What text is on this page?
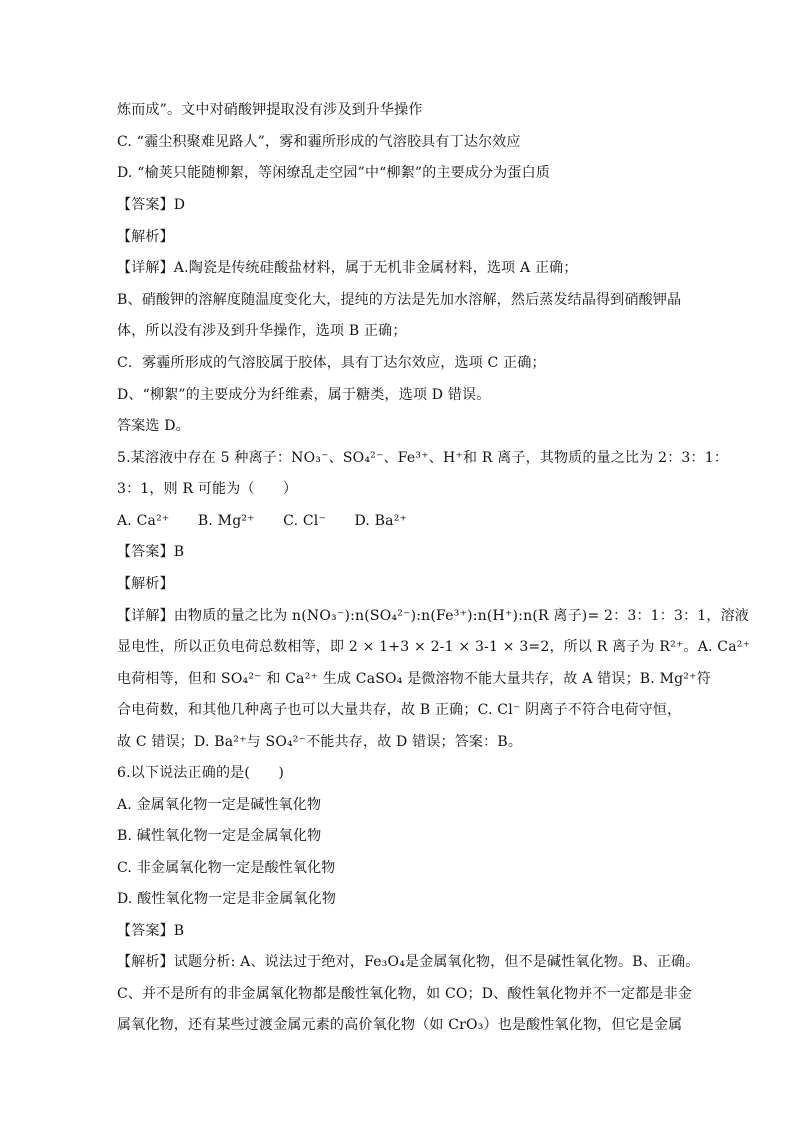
炼而成”。文中对硝酸钾提取没有涉及到升华操作
C. “霾尘积聚难见路人”，雾和霾所形成的气溶胶具有丁达尔效应
D. “榆荚只能随柳絮，等闲缭乱走空园”中“柳絮”的主要成分为蛋白质
【答案】D
【解析】
【详解】A.陶瓷是传统硅酸盐材料，属于无机非金属材料，选项 A 正确；
B、硝酸钾的溶解度随温度变化大，提纯的方法是先加水溶解，然后蒸发结晶得到硝酸钾晶
体，所以没有涉及到升华操作，选项 B 正确；
C．雾霾所形成的气溶胶属于胶体，具有丁达尔效应，选项 C 正确；
D、“柳絮”的主要成分为纤维素，属于糖类，选项 D 错误。
答案选 D。
5.某溶液中存在 5 种离子：NO₃⁻、SO₄²⁻、Fe³⁺、H⁺和 R 离子，其物质的量之比为 2：3：1：
3：1，则 R 可能为（　　）
A. Ca²⁺　　B. Mg²⁺　　C. Cl⁻　　D. Ba²⁺
【答案】B
【解析】
【详解】由物质的量之比为 n(NO₃⁻):n(SO₄²⁻):n(Fe³⁺):n(H⁺):n(R 离子)= 2：3：1：3：1，溶液
显电性，所以正负电荷总数相等，即 2 × 1+3 × 2-1 × 3-1 × 3=2，所以 R 离子为 R²⁺。A. Ca²⁺
电荷相等，但和 SO₄²⁻ 和 Ca²⁺ 生成 CaSO₄ 是微溶物不能大量共存，故 A 错误；B. Mg²⁺符
合电荷数，和其他几种离子也可以大量共存，故 B 正确；C. Cl⁻ 阴离子不符合电荷守恒，
故 C 错误；D. Ba²⁺与 SO₄²⁻不能共存，故 D 错误；答案：B。
6.以下说法正确的是(　　)
A. 金属氧化物一定是碱性氧化物
B. 碱性氧化物一定是金属氧化物
C. 非金属氧化物一定是酸性氧化物
D. 酸性氧化物一定是非金属氧化物
【答案】B
【解析】试题分析: A、说法过于绝对，Fe₃O₄是金属氧化物，但不是碱性氧化物。B、正确。
C、并不是所有的非金属氧化物都是酸性氧化物，如 CO；D、酸性氧化物并不一定都是非金
属氧化物，还有某些过渡金属元素的高价氧化物（如 CrO₃）也是酸性氧化物，但它是金属
